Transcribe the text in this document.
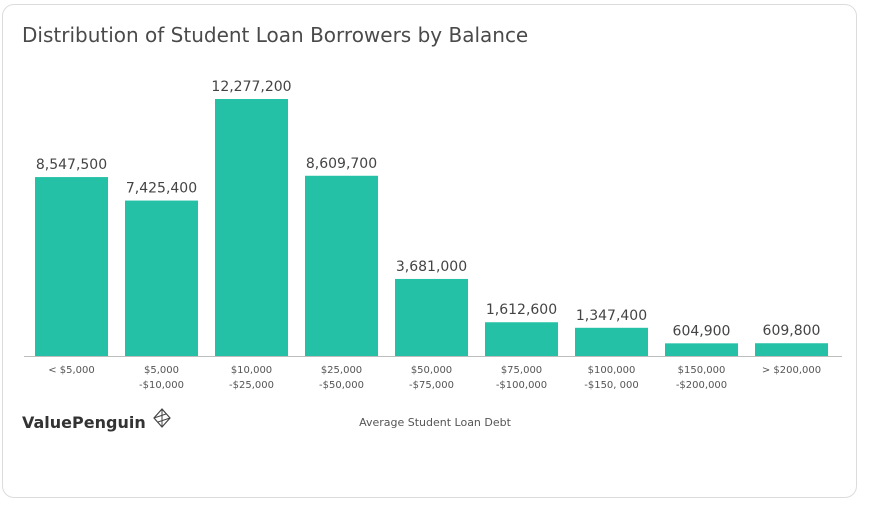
Distribution of Student Loan Borrowers by Balance
8,547,500
< $5,000
7,425,400
$5,000
-$10,000
12,277,200
$10,000
-$25,000
8,609,700
$25,000
-$50,000
3,681,000
$50,000
-$75,000
1,612,600
$75,000
-$100,000
1,347,400
$100,000
-$150, 000
604,900
$150,000
-$200,000
609,800
> $200,000
ValuePenguin	Average Student Loan Debt
